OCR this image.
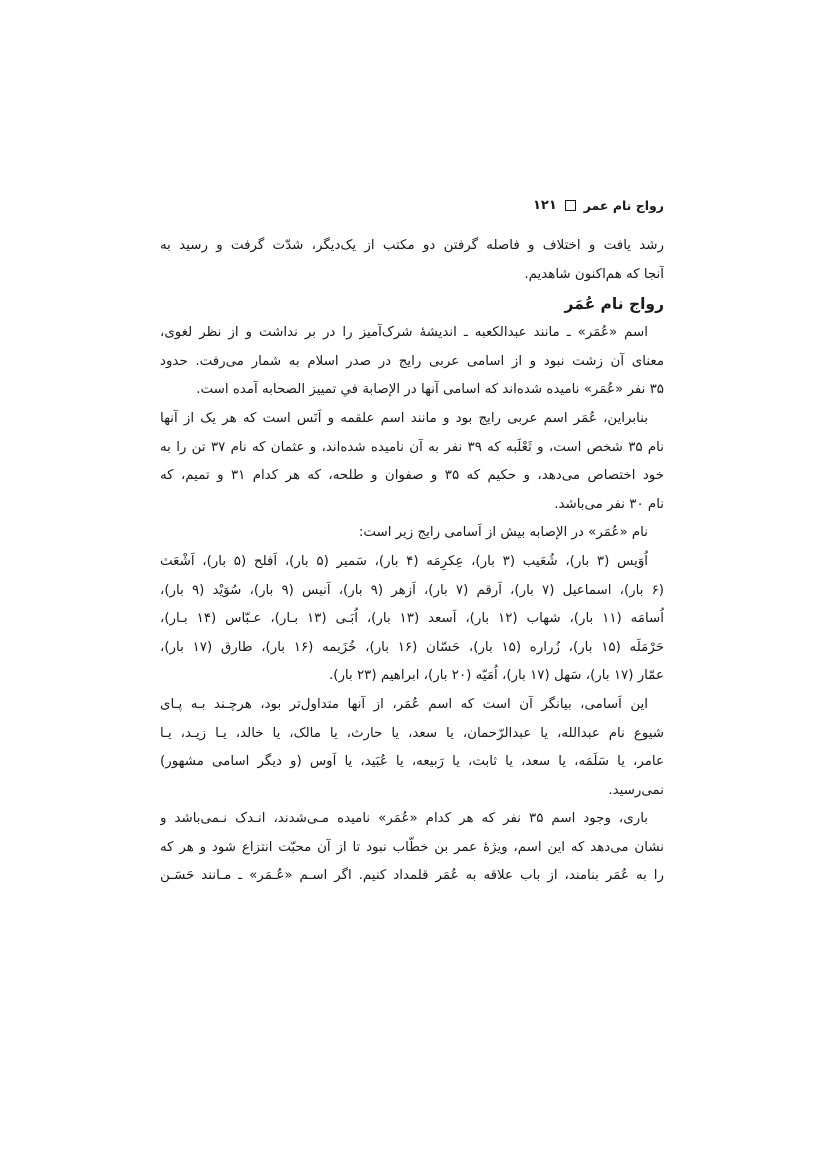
رواج نام عمر
۱۲۱

رشد یافت و اختلاف و فاصله گرفتن دو مکتب از یک‌دیگر، شدّت گرفت و رسید به
آنجا که هم‌اکنون شاهدیم.

رواج نام عُمَر

اسم «عُمَر» ـ مانند عبدالکعبه ـ اندیشهٔ شرک‌آمیز را در بر نداشت و از نظر لغوی،
معنای آن زشت نبود و از اسامی عربی رایج در صدر اسلام به شمار می‌رفت. حدود
۳۵ نفر «عُمَر» نامیده شده‌اند که اسامی آنها در الإصابة في تمييز الصحابه آمده است.

بنابراین، عُمَر اسم عربی رایج بود و مانند اسم علقمه و اَنَس است که هر یک از آنها
نام ۳۵ شخص است، و ثَعْلَبه که ۳۹ نفر به آن نامیده شده‌اند، و عثمان که نام ۳۷ تن را به
خود اختصاص می‌دهد، و حکیم که ۳۵ و صفوان و طلحه، که هر کدام ۳۱ و تمیم، که
نام ۳۰ نفر می‌باشد.

نام «عُمَر» در الإصابه بیش از اَسامی رایج زیر است:

اُوَیس (۳ بار)، شُعَیب (۳ بار)، عِکرِمَه (۴ بار)، سَمیر (۵ بار)، اَفلح (۵ بار)، اَشْعَث
(۶ بار)، اسماعیل (۷ بار)، اَرقم (۷ بار)، اَزهر (۹ بار)، اَنیس (۹ بار)، سُوَیْد (۹ بار)،
اُسامَه (۱۱ بار)، شهاب (۱۲ بار)، اَسعد (۱۳ بار)، اُبَـی (۱۳ بـار)، عـبّاس (۱۴ بـار)،
حَرْمَلَه (۱۵ بار)، زُراره (۱۵ بار)، حَسّان (۱۶ بار)، خُزَیمه (۱۶ بار)، طارق (۱۷ بار)،
عمّار (۱۷ بار)، سَهل (۱۷ بار)، اُمَیّه (۲۰ بار)، ابراهیم (۲۳ بار).

این اَسامی، بیانگر آن است که اسم عُمَر، از آنها متداول‌تر بود، هرچـند بـه پـای
شیوع نام عبدالله، یا عبدالرّحمان، یا سعد، یا حارث، یا مالک، یا خالد، یـا زیـد، یـا
عامر، یا سَلَمَه، یا سعد، یا ثابت، یا رَبیعه، یا عُبَید، یا اَوس (و دیگر اسامی مشهور)
نمی‌رسید.

باری، وجود اسم ۳۵ نفر که هر کدام «عُمَر» نامیده مـی‌شدند، انـدک نـمی‌باشد و
نشان می‌دهد که این اسم، ویژهٔ عمر بن خطّاب نبود تا از آن محبّت انتزاع شود و هر که
را به عُمَر بنامند، از باب علاقه به عُمَر قلمداد کنیم. اگر اسـم «عُـمَر» ـ مـانند حَسَـن
